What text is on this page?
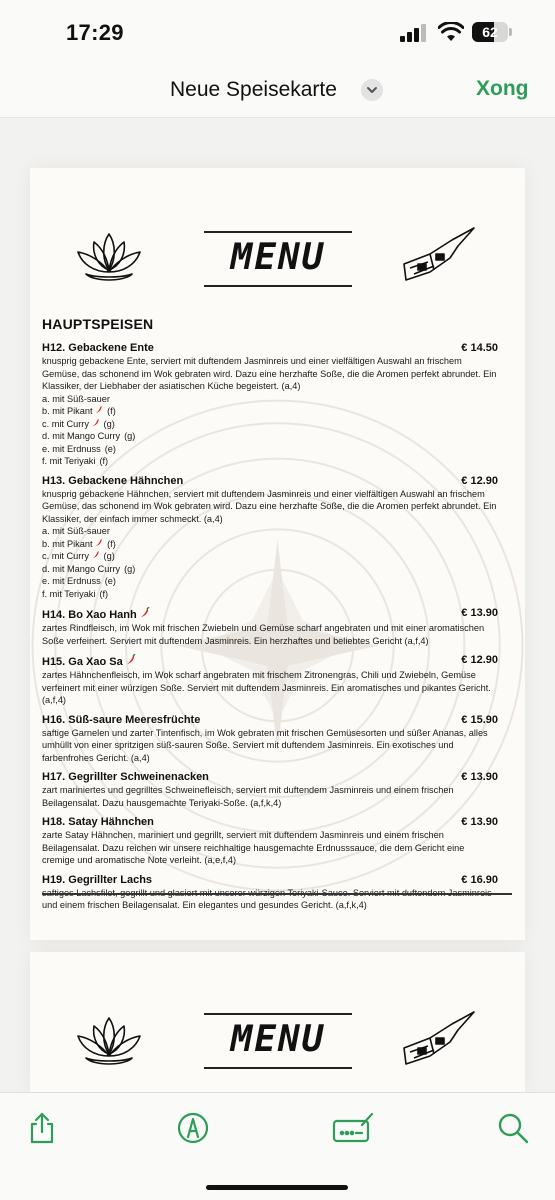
17:29	62
Neue Speisekarte	Xong
MENU
HAUPTSPEISEN
H12. Gebackene Ente	€ 14.50
knusprig gebackene Ente, serviert mit duftendem Jasminreis und einer vielfältigen Auswahl an frischem Gemüse, das schonend im Wok gebraten wird. Dazu eine herzhafte Soße, die die Aromen perfekt abrundet. Ein Klassiker, der Liebhaber der asiatischen Küche begeistert. (a,4)
a. mit Süß-sauer
b. mit Pikant (f)
c. mit Curry (g)
d. mit Mango Curry (g)
e. mit Erdnuss (e)
f. mit Teriyaki (f)
H13. Gebackene Hähnchen	€ 12.90
knusprig gebackene Hähnchen, serviert mit duftendem Jasminreis und einer vielfältigen Auswahl an frischem Gemüse, das schonend im Wok gebraten wird. Dazu eine herzhafte Soße, die die Aromen perfekt abrundet. Ein Klassiker, der einfach immer schmeckt. (a,4)
a. mit Süß-sauer
b. mit Pikant (f)
c. mit Curry (g)
d. mit Mango Curry (g)
e. mit Erdnuss (e)
f. mit Teriyaki (f)
H14. Bo Xao Hanh	€ 13.90
zartes Rindfleisch, im Wok mit frischen Zwiebeln und Gemüse scharf angebraten und mit einer aromatischen Soße verfeinert. Serviert mit duftendem Jasminreis. Ein herzhaftes und beliebtes Gericht (a,f,4)
H15. Ga Xao Sa	€ 12.90
zartes Hähnchenfleisch, im Wok scharf angebraten mit frischem Zitronengras, Chili und Zwiebeln, Gemüse verfeinert mit einer würzigen Soße. Serviert mit duftendem Jasminreis. Ein aromatisches und pikantes Gericht. (a,f,4)
H16. Süß-saure Meeresfrüchte	€ 15.90
saftige Garnelen und zarter Tintenfisch, im Wok gebraten mit frischen Gemüsesorten und süßer Ananas, alles umhüllt von einer spritzigen süß-sauren Soße. Serviert mit duftendem Jasminreis. Ein exotisches und farbenfrohes Gericht. (a,4)
H17. Gegrillter Schweinenacken	€ 13.90
zart mariniertes und gegrilltes Schweinefleisch, serviert mit duftendem Jasminreis und einem frischen Beilagensalat. Dazu hausgemachte Teriyaki-Soße. (a,f,k,4)
H18. Satay Hähnchen	€ 13.90
zarte Satay Hähnchen, mariniert und gegrillt, serviert mit duftendem Jasminreis und einem frischen Beilagensalat. Dazu reichen wir unsere reichhaltige hausgemachte Erdnusssauce, die dem Gericht eine cremige und aromatische Note verleiht. (a,e,f,4)
H19. Gegrillter Lachs	€ 16.90
und einem frischen Beilagensalat. Ein elegantes und gesundes Gericht. (a,f,k,4)
MENU
